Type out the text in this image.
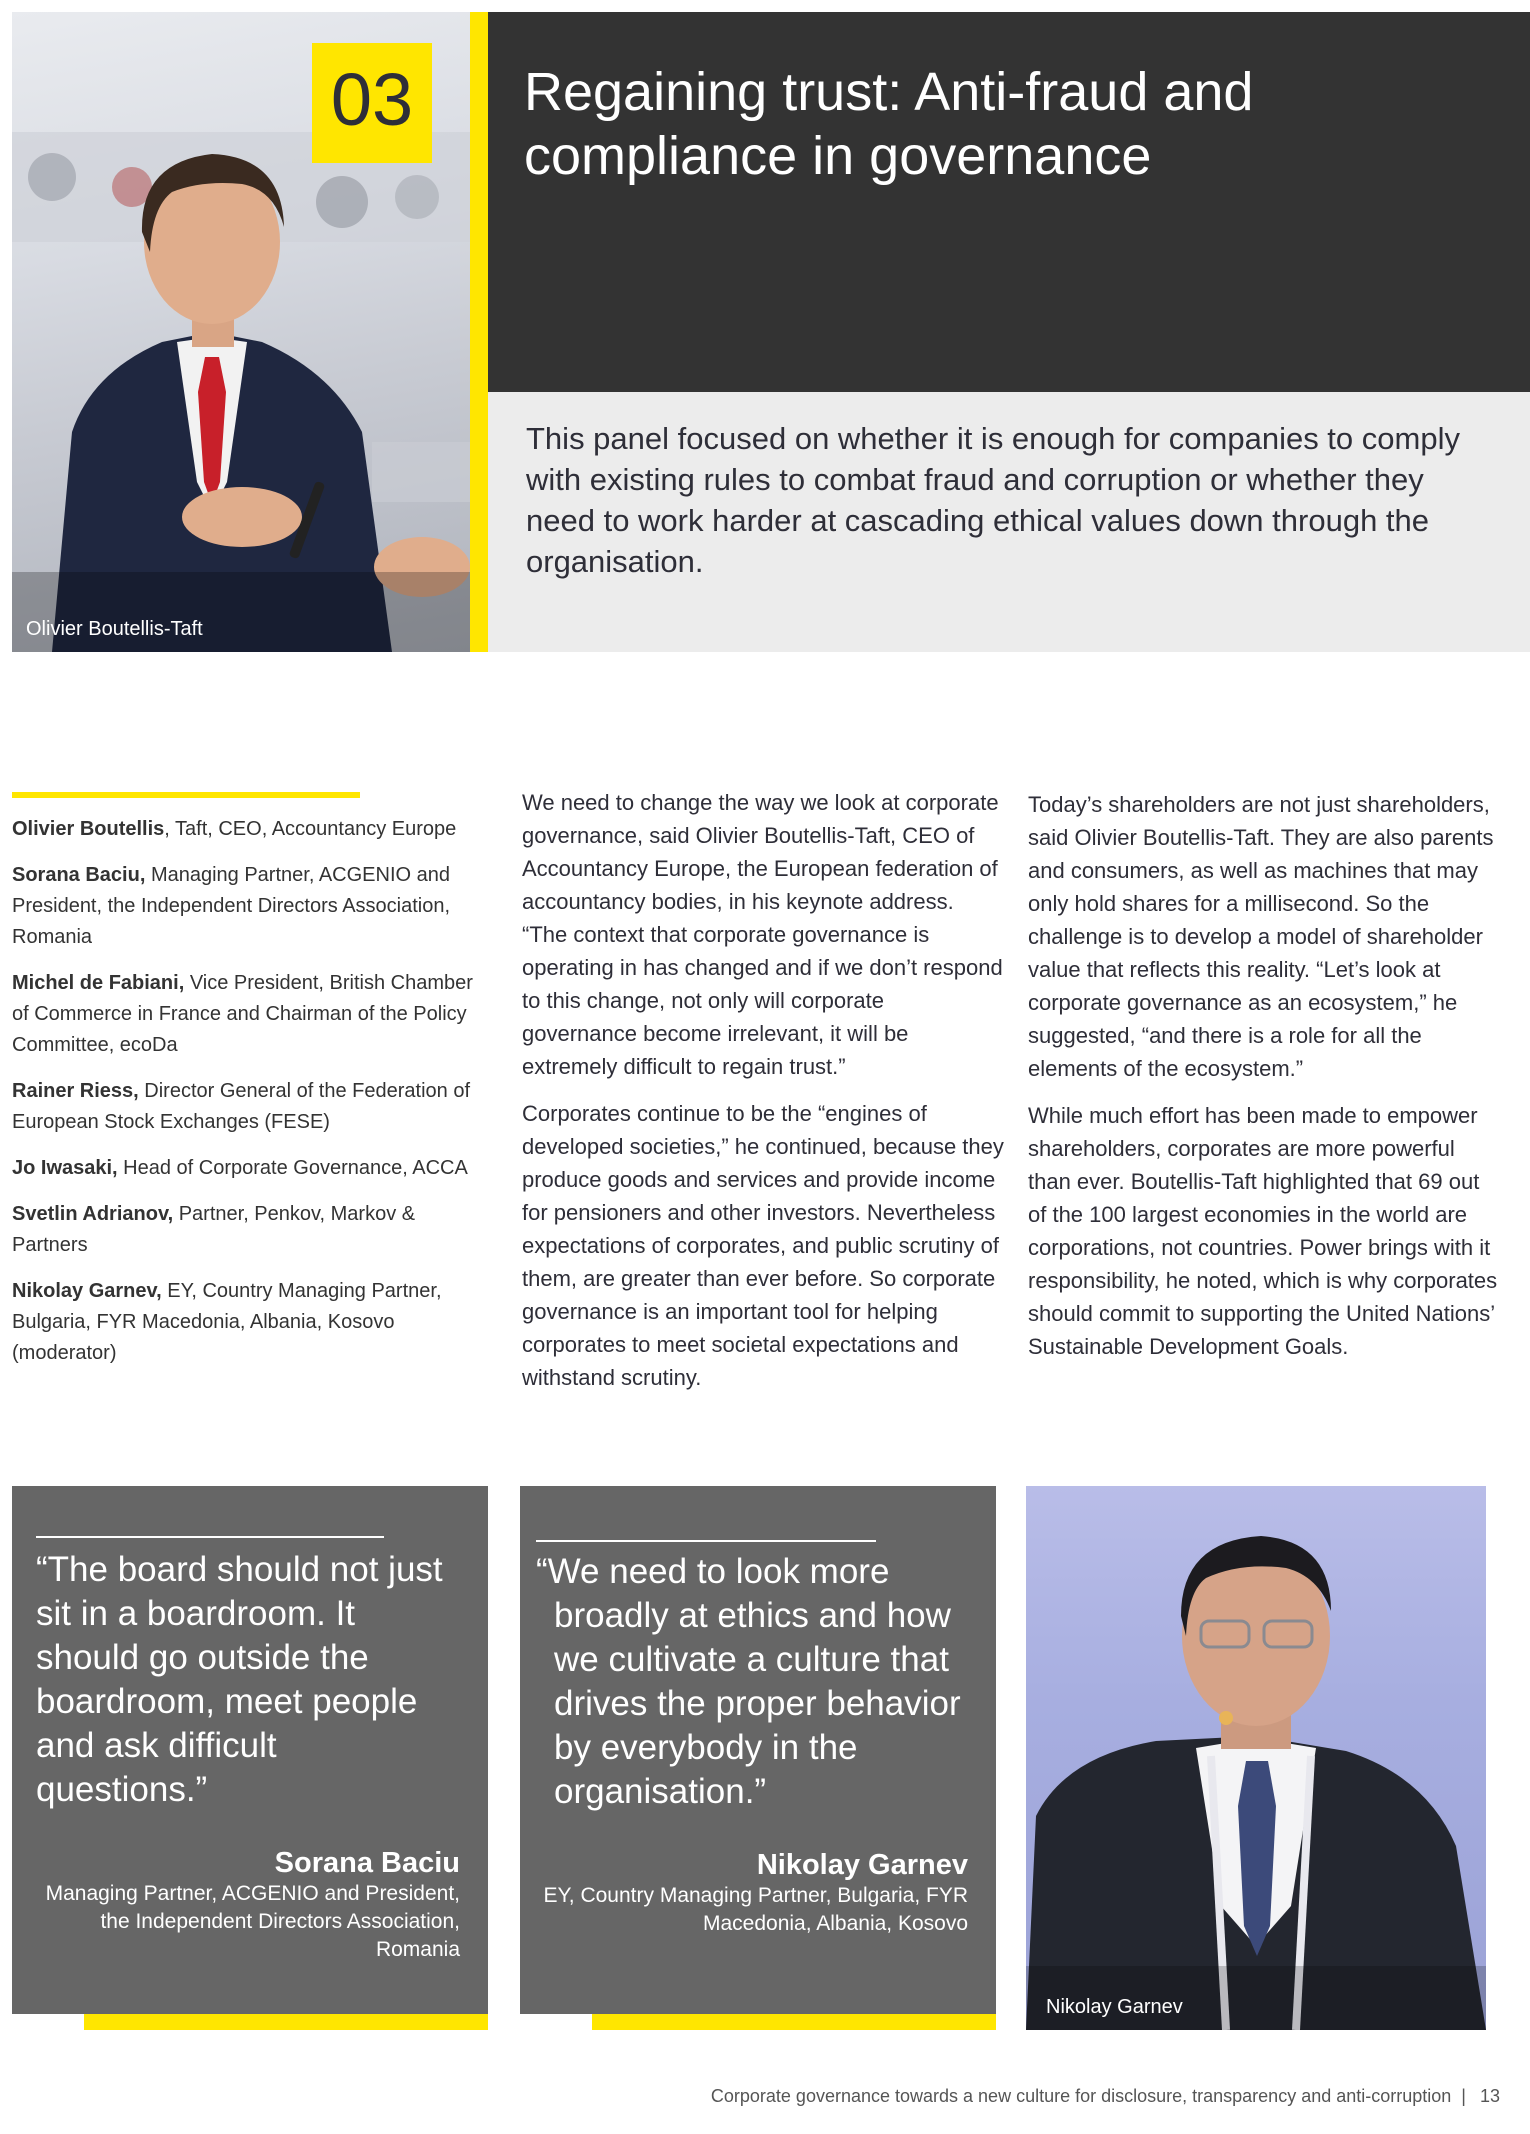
Olivier Boutellis-Taft
03	Regaining trust: Anti-fraud and compliance in governance

This panel focused on whether it is enough for companies to comply with existing rules to combat fraud and corruption or whether they need to work harder at cascading ethical values down through the organisation.

Olivier Boutellis, Taft, CEO, Accountancy Europe
Sorana Baciu, Managing Partner, ACGENIO and President, the Independent Directors Association, Romania
Michel de Fabiani, Vice President, British Chamber of Commerce in France and Chairman of the Policy Committee, ecoDa
Rainer Riess, Director General of the Federation of European Stock Exchanges (FESE)
Jo Iwasaki, Head of Corporate Governance, ACCA
Svetlin Adrianov, Partner, Penkov, Markov & Partners
Nikolay Garnev, EY, Country Managing Partner, Bulgaria, FYR Macedonia, Albania, Kosovo (moderator)

We need to change the way we look at corporate governance, said Olivier Boutellis-Taft, CEO of Accountancy Europe, the European federation of accountancy bodies, in his keynote address. “The context that corporate governance is operating in has changed and if we don’t respond to this change, not only will corporate governance become irrelevant, it will be extremely difficult to regain trust.”

Corporates continue to be the “engines of developed societies,” he continued, because they produce goods and services and provide income for pensioners and other investors. Nevertheless expectations of corporates, and public scrutiny of them, are greater than ever before. So corporate governance is an important tool for helping corporates to meet societal expectations and withstand scrutiny.

Today’s shareholders are not just shareholders, said Olivier Boutellis-Taft. They are also parents and consumers, as well as machines that may only hold shares for a millisecond. So the challenge is to develop a model of shareholder value that reflects this reality. “Let’s look at corporate governance as an ecosystem,” he suggested, “and there is a role for all the elements of the ecosystem.”

While much effort has been made to empower shareholders, corporates are more powerful than ever. Boutellis-Taft highlighted that 69 out of the 100 largest economies in the world are corporations, not countries. Power brings with it responsibility, he noted, which is why corporates should commit to supporting the United Nations’ Sustainable Development Goals.

“The board should not just sit in a boardroom. It should go outside the boardroom, meet people and ask difficult questions.”
Sorana Baciu
Managing Partner, ACGENIO and President, the Independent Directors Association, Romania
“We need to look more broadly at ethics and how we cultivate a culture that drives the proper behavior by everybody in the organisation.”
Nikolay Garnev
EY, Country Managing Partner, Bulgaria, FYR Macedonia, Albania, Kosovo
Nikolay Garnev
Corporate governance towards a new culture for disclosure, transparency and anti-corruption | 13
